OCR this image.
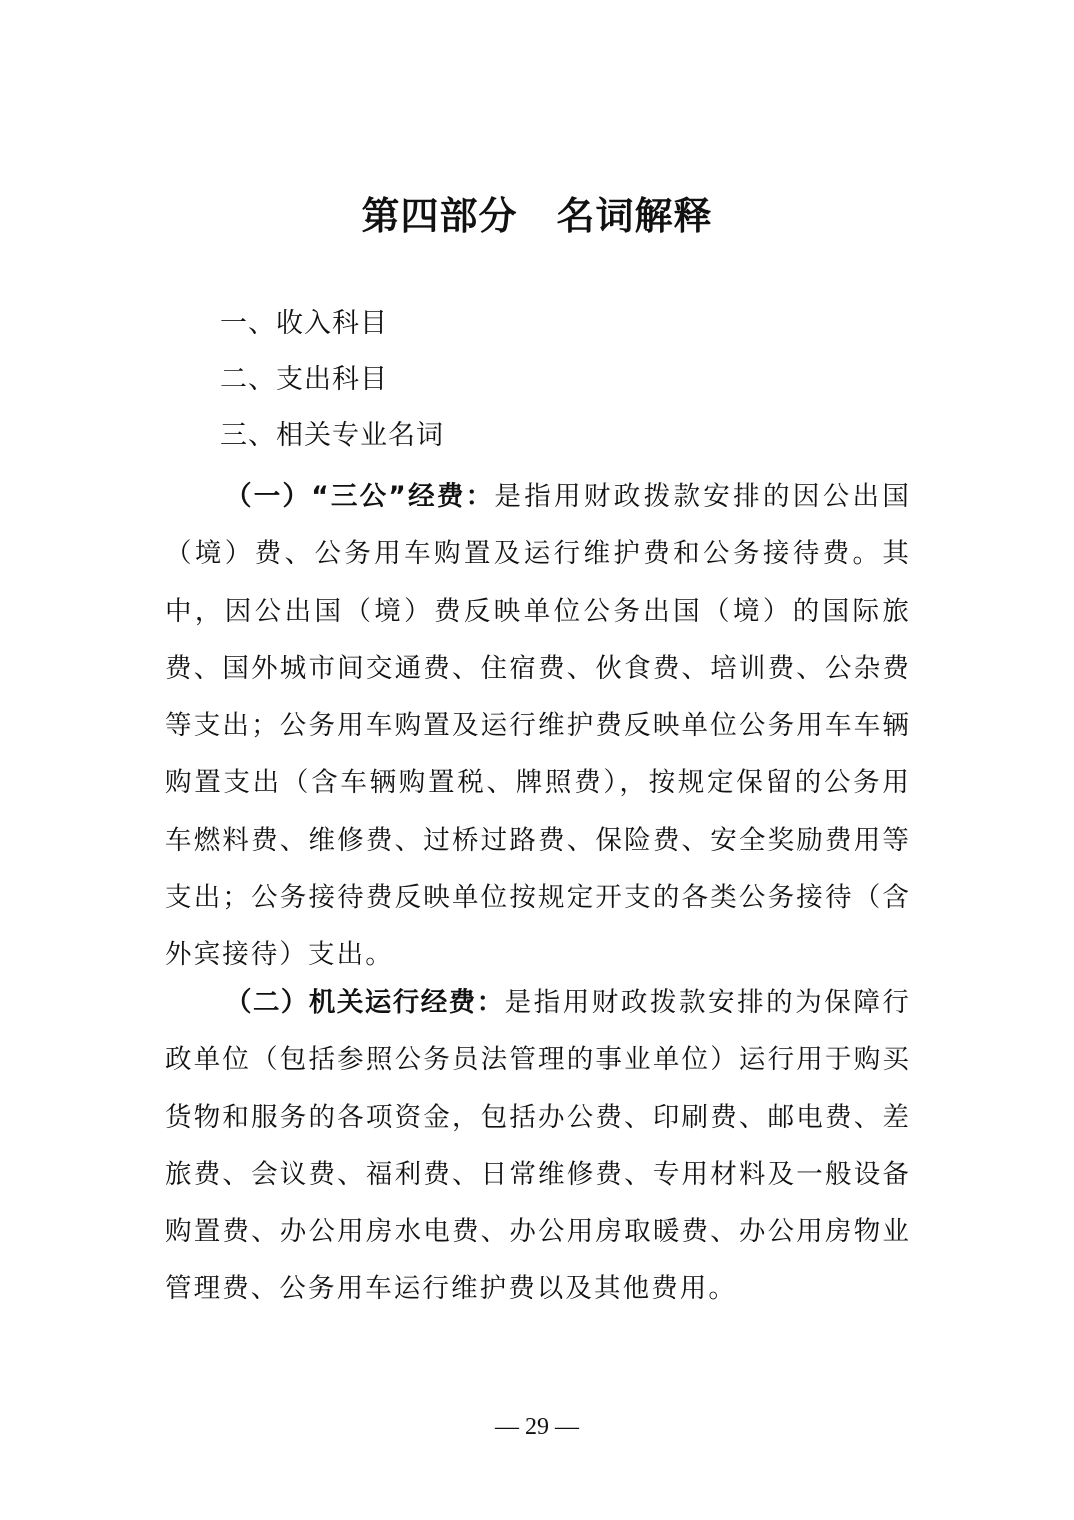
第四部分　名词解释
一、收入科目
二、支出科目
三、相关专业名词

（一）“三公”经费：是指用财政拨款安排的因公出国（境）费、公务用车购置及运行维护费和公务接待费。其中，因公出国（境）费反映单位公务出国（境）的国际旅费、国外城市间交通费、住宿费、伙食费、培训费、公杂费等支出；公务用车购置及运行维护费反映单位公务用车车辆购置支出（含车辆购置税、牌照费），按规定保留的公务用车燃料费、维修费、过桥过路费、保险费、安全奖励费用等支出；公务接待费反映单位按规定开支的各类公务接待（含外宾接待）支出。

（二）机关运行经费：是指用财政拨款安排的为保障行政单位（包括参照公务员法管理的事业单位）运行用于购买货物和服务的各项资金，包括办公费、印刷费、邮电费、差旅费、会议费、福利费、日常维修费、专用材料及一般设备购置费、办公用房水电费、办公用房取暖费、办公用房物业管理费、公务用车运行维护费以及其他费用。

— 29 —
